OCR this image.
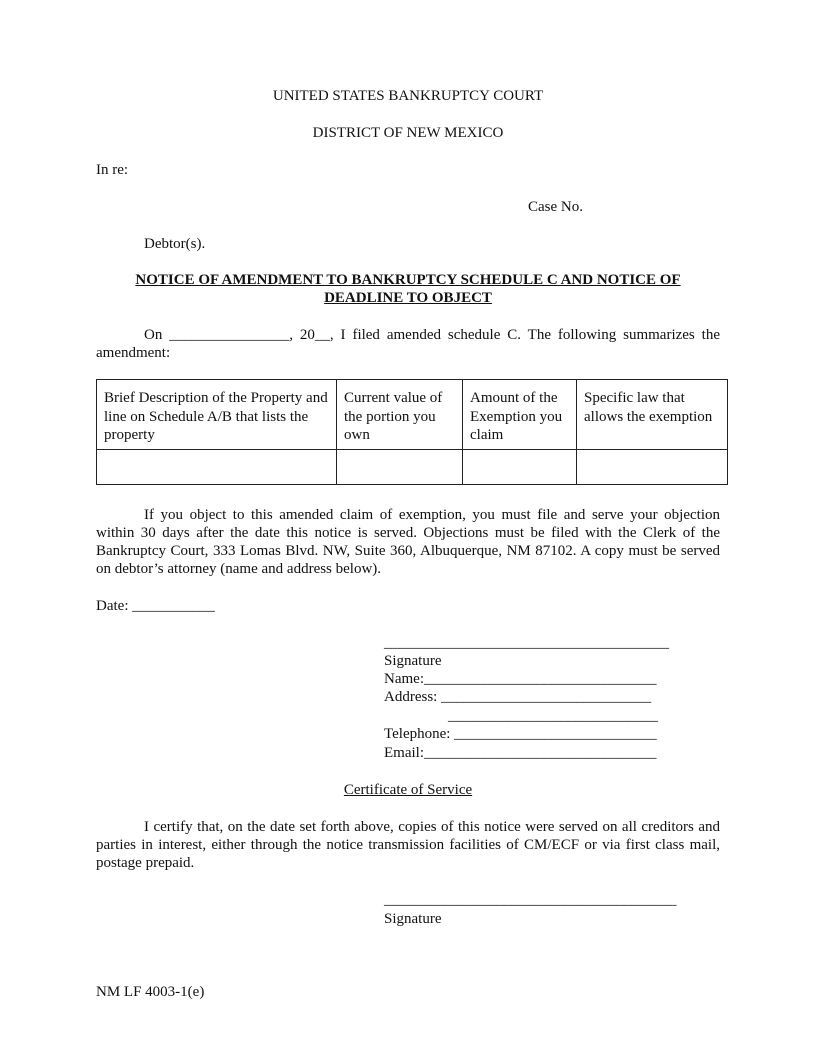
UNITED STATES BANKRUPTCY COURT
DISTRICT OF NEW MEXICO
In re:
Case No.
Debtor(s).
NOTICE OF AMENDMENT TO BANKRUPTCY SCHEDULE C AND NOTICE OF
DEADLINE TO OBJECT
On ________________, 20__, I filed amended schedule C. The following summarizes the amendment:
Brief Description of the Property and line on Schedule A/B that lists the property	Current value of the portion you own	Amount of the Exemption you claim	Specific law that allows the exemption

If you object to this amended claim of exemption, you must file and serve your objection within 30 days after the date this notice is served. Objections must be filed with the Clerk of the Bankruptcy Court, 333 Lomas Blvd. NW, Suite 360, Albuquerque, NM 87102. A copy must be served on debtor’s attorney (name and address below).
Date: ___________
______________________________________
Signature
Name:_______________________________
Address: ____________________________
____________________________
Telephone: ___________________________
Email:_______________________________
Certificate of Service
I certify that, on the date set forth above, copies of this notice were served on all creditors and parties in interest, either through the notice transmission facilities of CM/ECF or via first class mail, postage prepaid.
_______________________________________
Signature
NM LF 4003-1(e)
